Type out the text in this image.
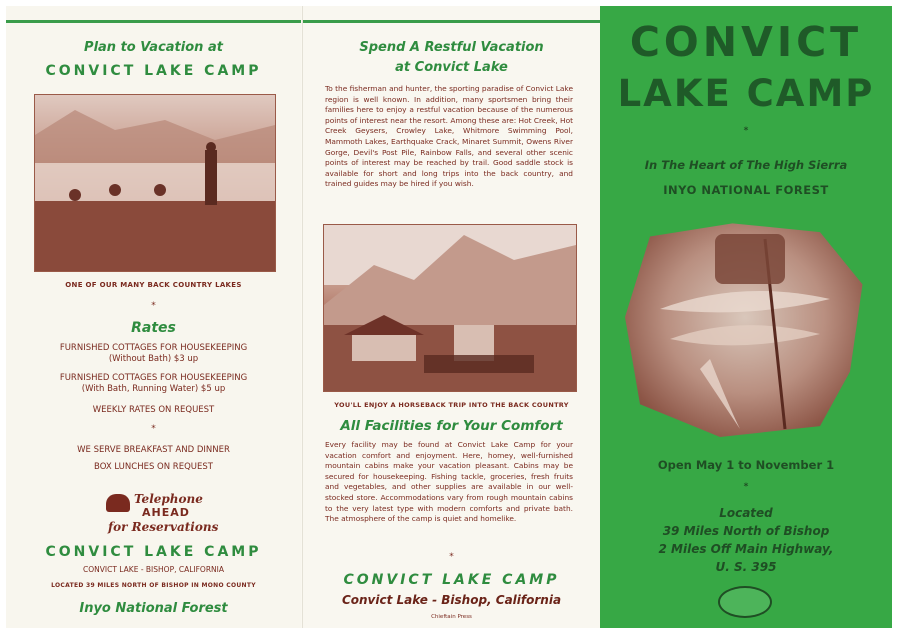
Plan to Vacation at
CONVICT LAKE CAMP
ONE OF OUR MANY BACK COUNTRY LAKES
*
Rates
FURNISHED COTTAGES FOR HOUSEKEEPING
(Without Bath) $3 up
FURNISHED COTTAGES FOR HOUSEKEEPING
(With Bath, Running Water) $5 up
WEEKLY RATES ON REQUEST
*
WE SERVE BREAKFAST AND DINNER
BOX LUNCHES ON REQUEST
Telephone
AHEAD
for Reservations
CONVICT LAKE CAMP
CONVICT LAKE - BISHOP, CALIFORNIA
LOCATED 39 MILES NORTH OF BISHOP IN MONO COUNTY
Inyo National Forest
Spend A Restful Vacation
at Convict Lake
To the fisherman and hunter, the sporting paradise of Convict Lake region is well known. In addition, many sportsmen bring their families here to enjoy a restful vacation because of the numerous points of interest near the resort. Among these are: Hot Creek, Hot Creek Geysers, Crowley Lake, Whitmore Swimming Pool, Mammoth Lakes, Earthquake Crack, Minaret Summit, Owens River Gorge, Devil's Post Pile, Rainbow Falls, and several other scenic points of interest may be reached by trail. Good saddle stock is available for short and long trips into the back country, and trained guides may be hired if you wish.
YOU'LL ENJOY A HORSEBACK TRIP INTO THE BACK COUNTRY
All Facilities for Your Comfort
Every facility may be found at Convict Lake Camp for your vacation comfort and enjoyment. Here, homey, well-furnished mountain cabins make your vacation pleasant. Cabins may be secured for housekeeping. Fishing tackle, groceries, fresh fruits and vegetables, and other supplies are available in our well-stocked store. Accommodations vary from rough mountain cabins to the very latest type with modern comforts and private bath. The atmosphere of the camp is quiet and homelike.
*
CONVICT LAKE CAMP
Convict Lake - Bishop, California
Chieftain Press
CONVICT
LAKE CAMP
*
In The Heart of The High Sierra
INYO NATIONAL FOREST
Open May 1 to November 1
*
Located
39 Miles North of Bishop
2 Miles Off Main Highway,
U. S. 395
